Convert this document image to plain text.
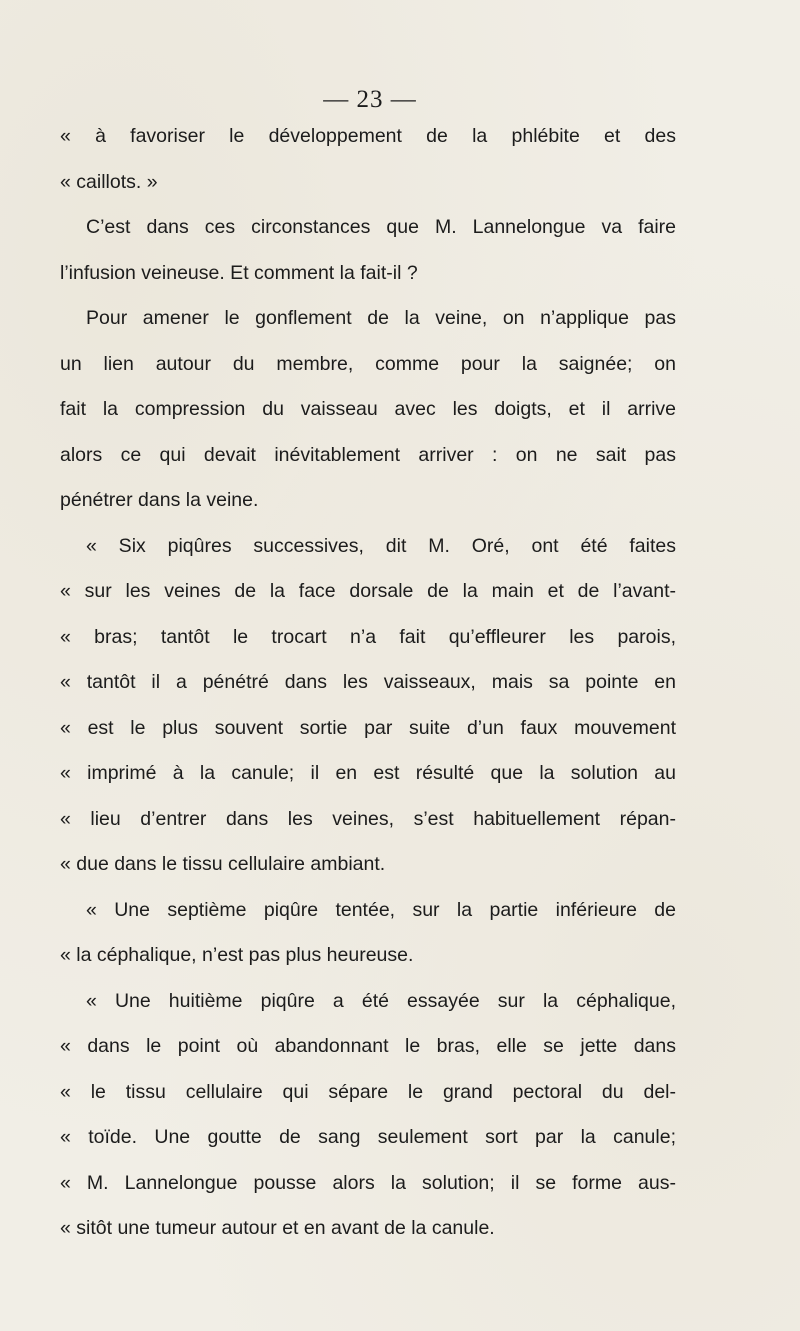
— 23 —
« à favoriser le développement de la phlébite et des
« caillots. »
C’est dans ces circonstances que M. Lannelongue va faire
l’infusion veineuse. Et comment la fait-il ?
Pour amener le gonflement de la veine, on n’applique pas
un lien autour du membre, comme pour la saignée; on
fait la compression du vaisseau avec les doigts, et il arrive
alors ce qui devait inévitablement arriver : on ne sait pas
pénétrer dans la veine.
« Six piqûres successives, dit M. Oré, ont été faites
« sur les veines de la face dorsale de la main et de l’avant-
« bras; tantôt le trocart n’a fait qu’effleurer les parois,
« tantôt il a pénétré dans les vaisseaux, mais sa pointe en
« est le plus souvent sortie par suite d’un faux mouvement
« imprimé à la canule; il en est résulté que la solution au
« lieu d’entrer dans les veines, s’est habituellement répan-
« due dans le tissu cellulaire ambiant.
« Une septième piqûre tentée, sur la partie inférieure de
« la céphalique, n’est pas plus heureuse.
« Une huitième piqûre a été essayée sur la céphalique,
« dans le point où abandonnant le bras, elle se jette dans
« le tissu cellulaire qui sépare le grand pectoral du del-
« toïde. Une goutte de sang seulement sort par la canule;
« M. Lannelongue pousse alors la solution; il se forme aus-
« sitôt une tumeur autour et en avant de la canule.
